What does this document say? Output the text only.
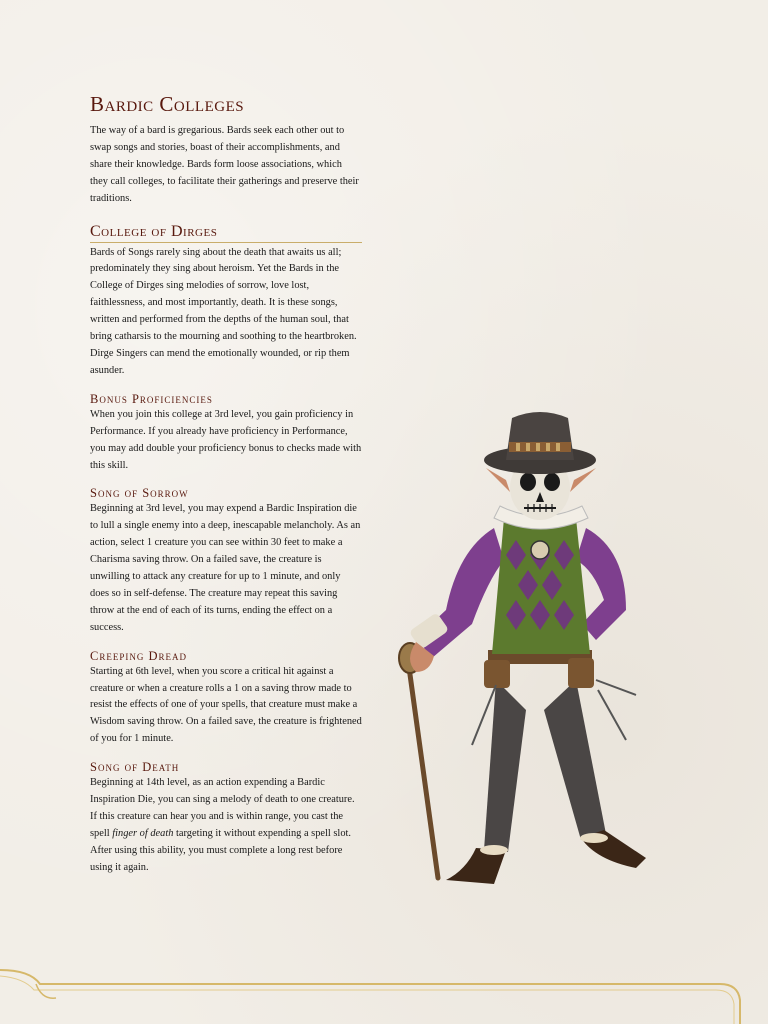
Bardic Colleges

The way of a bard is gregarious. Bards seek each other out to swap songs and stories, boast of their accomplishments, and share their knowledge. Bards form loose associations, which they call colleges, to facilitate their gatherings and preserve their traditions.

College of Dirges

Bards of Songs rarely sing about the death that awaits us all; predominately they sing about heroism. Yet the Bards in the College of Dirges sing melodies of sorrow, love lost, faithlessness, and most importantly, death. It is these songs, written and performed from the depths of the human soul, that bring catharsis to the mourning and soothing to the heartbroken. Dirge Singers can mend the emotionally wounded, or rip them asunder.

Bonus Proficiencies

When you join this college at 3rd level, you gain proficiency in Performance. If you already have proficiency in Performance, you may add double your proficiency bonus to checks made with this skill.

Song of Sorrow

Beginning at 3rd level, you may expend a Bardic Inspiration die to lull a single enemy into a deep, inescapable melancholy. As an action, select 1 creature you can see within 30 feet to make a Charisma saving throw. On a failed save, the creature is unwilling to attack any creature for up to 1 minute, and only does so in self-defense. The creature may repeat this saving throw at the end of each of its turns, ending the effect on a success.

Creeping Dread

Starting at 6th level, when you score a critical hit against a creature or when a creature rolls a 1 on a saving throw made to resist the effects of one of your spells, that creature must make a Wisdom saving throw. On a failed save, the creature is frightened of you for 1 minute.

Song of Death

Beginning at 14th level, as an action expending a Bardic Inspiration Die, you can sing a melody of death to one creature. If this creature can hear you and is within range, you cast the spell finger of death targeting it without expending a spell slot. After using this ability, you must complete a long rest before using it again.
